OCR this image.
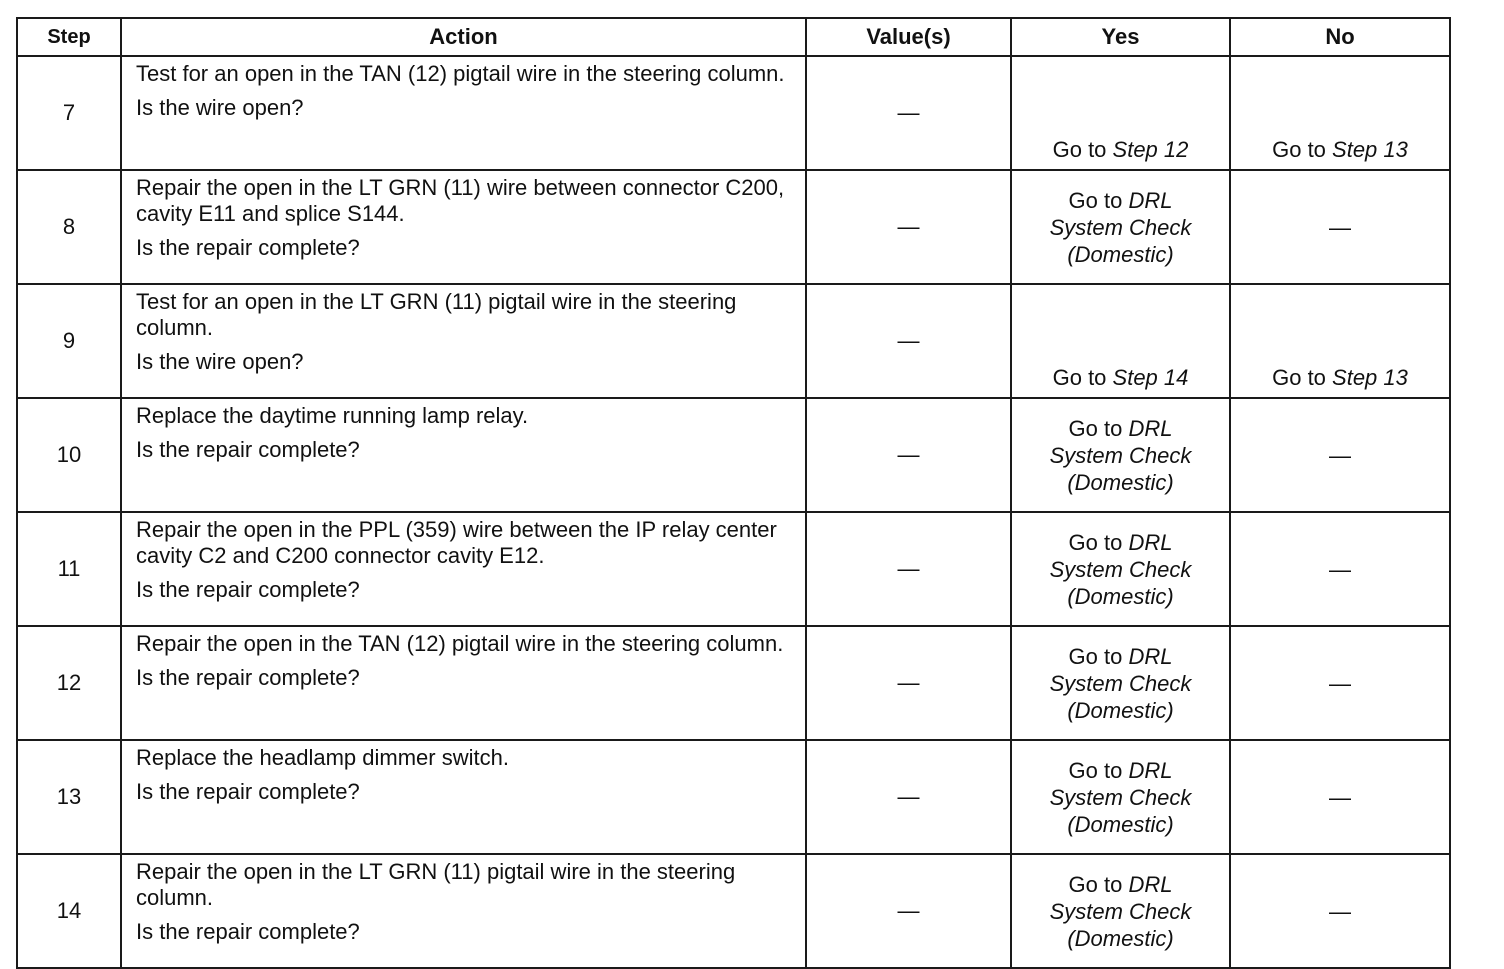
Step	Action	Value(s)	Yes	No
7	Test for an open in the TAN (12) pigtail wire in the steering column.
Is the wire open?	—	Go to Step 12	Go to Step 13
8	Repair the open in the LT GRN (11) wire between connector C200, cavity E11 and splice S144.
Is the repair complete?	—	Go to DRL
System Check
(Domestic)	—
9	Test for an open in the LT GRN (11) pigtail wire in the steering column.
Is the wire open?	—	Go to Step 14	Go to Step 13
10	Replace the daytime running lamp relay.
Is the repair complete?	—	Go to DRL
System Check
(Domestic)	—
11	Repair the open in the PPL (359) wire between the IP relay center cavity C2 and C200 connector cavity E12.
Is the repair complete?	—	Go to DRL
System Check
(Domestic)	—
12	Repair the open in the TAN (12) pigtail wire in the steering column.
Is the repair complete?	—	Go to DRL
System Check
(Domestic)	—
13	Replace the headlamp dimmer switch.
Is the repair complete?	—	Go to DRL
System Check
(Domestic)	—
14	Repair the open in the LT GRN (11) pigtail wire in the steering column.
Is the repair complete?	—	Go to DRL
System Check
(Domestic)	—
